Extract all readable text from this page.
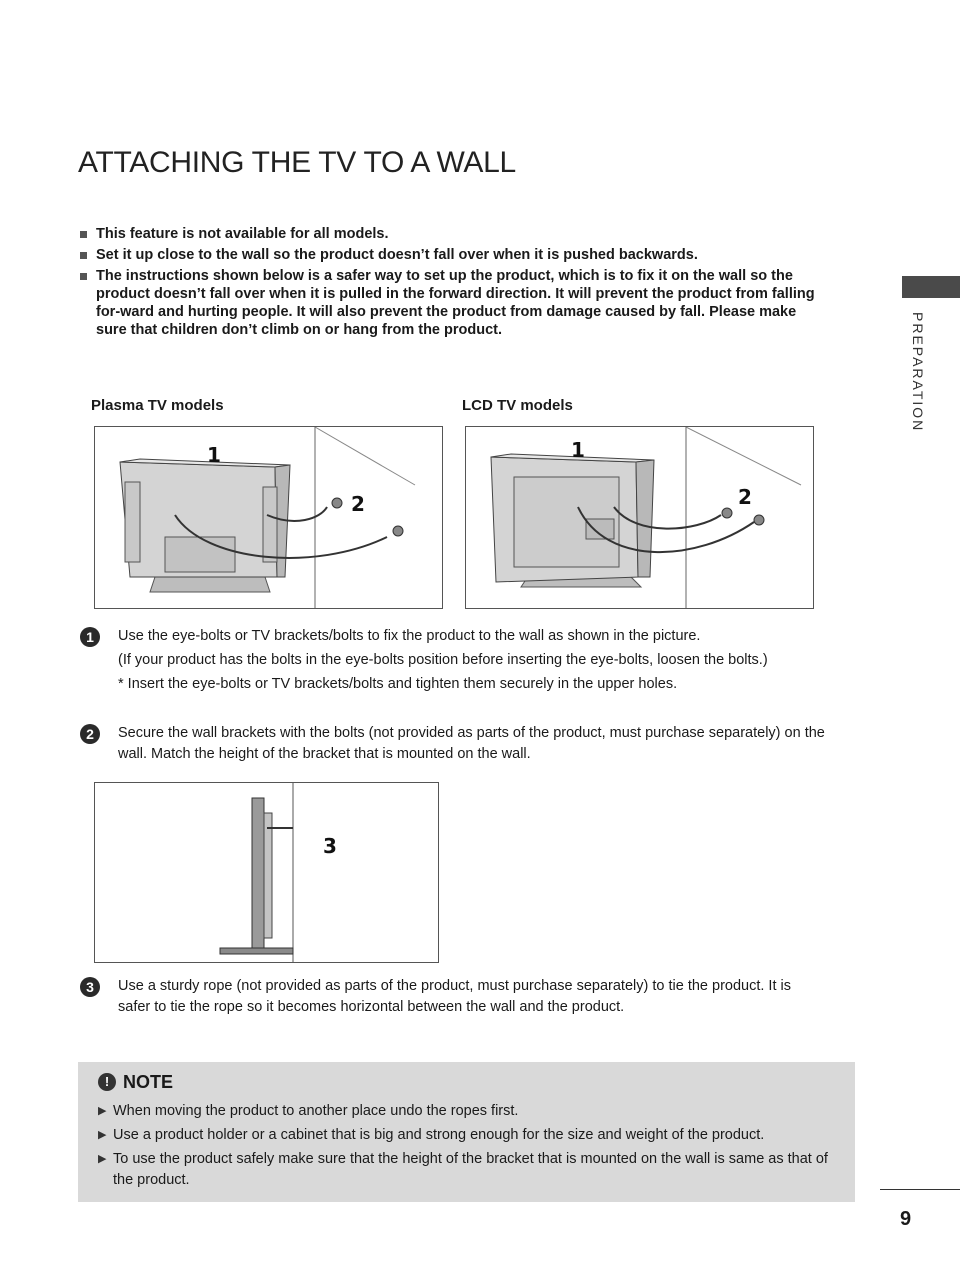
ATTACHING THE TV TO A WALL
This feature is not available for all models.
Set it up close to the wall so the product doesn’t fall over when it is pushed backwards.
The instructions shown below is a safer way to set up the product, which is to fix it on the wall so the product doesn’t fall over when it is pulled in the forward direction. It will prevent the product from falling for-ward and hurting people. It will also prevent the product from damage caused by fall. Please make sure that children don’t climb on or hang from the product.	PREPARATION
Plasma TV models	LCD TV models
1
2
1
2
1	Use the eye-bolts or TV brackets/bolts to fix the product to the wall as shown in the picture.

(If your product has the bolts in the eye-bolts position before inserting the eye-bolts, loosen the bolts.)

* Insert the eye-bolts or TV brackets/bolts and tighten them securely in the upper holes.

2	Secure the wall brackets with the bolts (not provided as parts of the product, must purchase separately) on the wall. Match the height of the bracket that is mounted on the wall.

3
3	Use a sturdy rope (not provided as parts of the product, must purchase separately) to tie the product. It is safer to tie the rope so it becomes horizontal between the wall and the product.

! NOTE
▶ When moving the product to another place undo the ropes first.
▶ Use a product holder or a cabinet that is big and strong enough for the size and weight of the product.
▶ To use the product safely make sure that the height of the bracket that is mounted on the wall is same as that of the product.
9
